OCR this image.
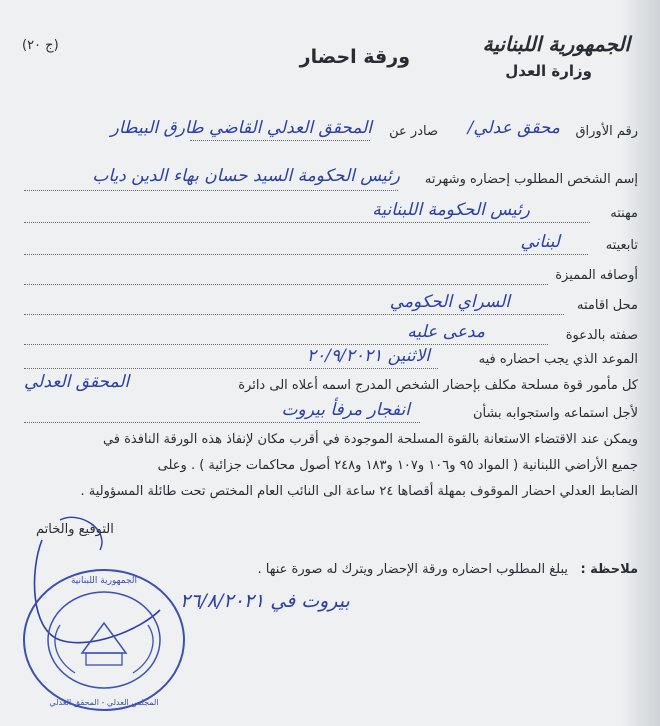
الجمهورية اللبنانية
وزارة العدل
ورقة احضار
(ج ٢٠)
رقم الأوراق
محقق عدلي/
صادر عن
المحقق العدلي القاضي طارق البيطار
إسم الشخص المطلوب إحضاره وشهرته
رئيس الحكومة السيد حسان بهاء الدين دياب
مهنته
رئيس الحكومة اللبنانية
تابعيته
لبناني
أوصافه المميزة
محل اقامته
السراي الحكومي
صفته بالدعوة
مدعى عليه
الموعد الذي يجب احضاره فيه
الاثنين ٢٠/٩/٢٠٢١
كل مأمور قوة مسلحة مكلف بإحضار الشخص المدرج اسمه أعلاه الى دائرة
المحقق العدلي
لأجل استماعه واستجوابه بشأن
انفجار مرفأ بيروت
ويمكن عند الاقتضاء الاستعانة بالقوة المسلحة الموجودة في أقرب مكان لإنفاذ هذه الورقة النافذة في
جميع الأراضي اللبنانية ( المواد ٩٥ و١٠٦ و١٠٧ و١٨٣ و٢٤٨ أصول محاكمات جزائية ) . وعلى
الضابط العدلي احضار الموقوف بمهلة أقصاها ٢٤ ساعة الى النائب العام المختص تحت طائلة المسؤولية .
التوقيع والخاتم
ملاحظة :
يبلغ المطلوب احضاره ورقة الإحضار ويترك له صورة عنها .
بيروت في ٢٦/٨/٢٠٢١
الجمهورية اللبنانية
المجلس العدلي - المحقق العدلي
